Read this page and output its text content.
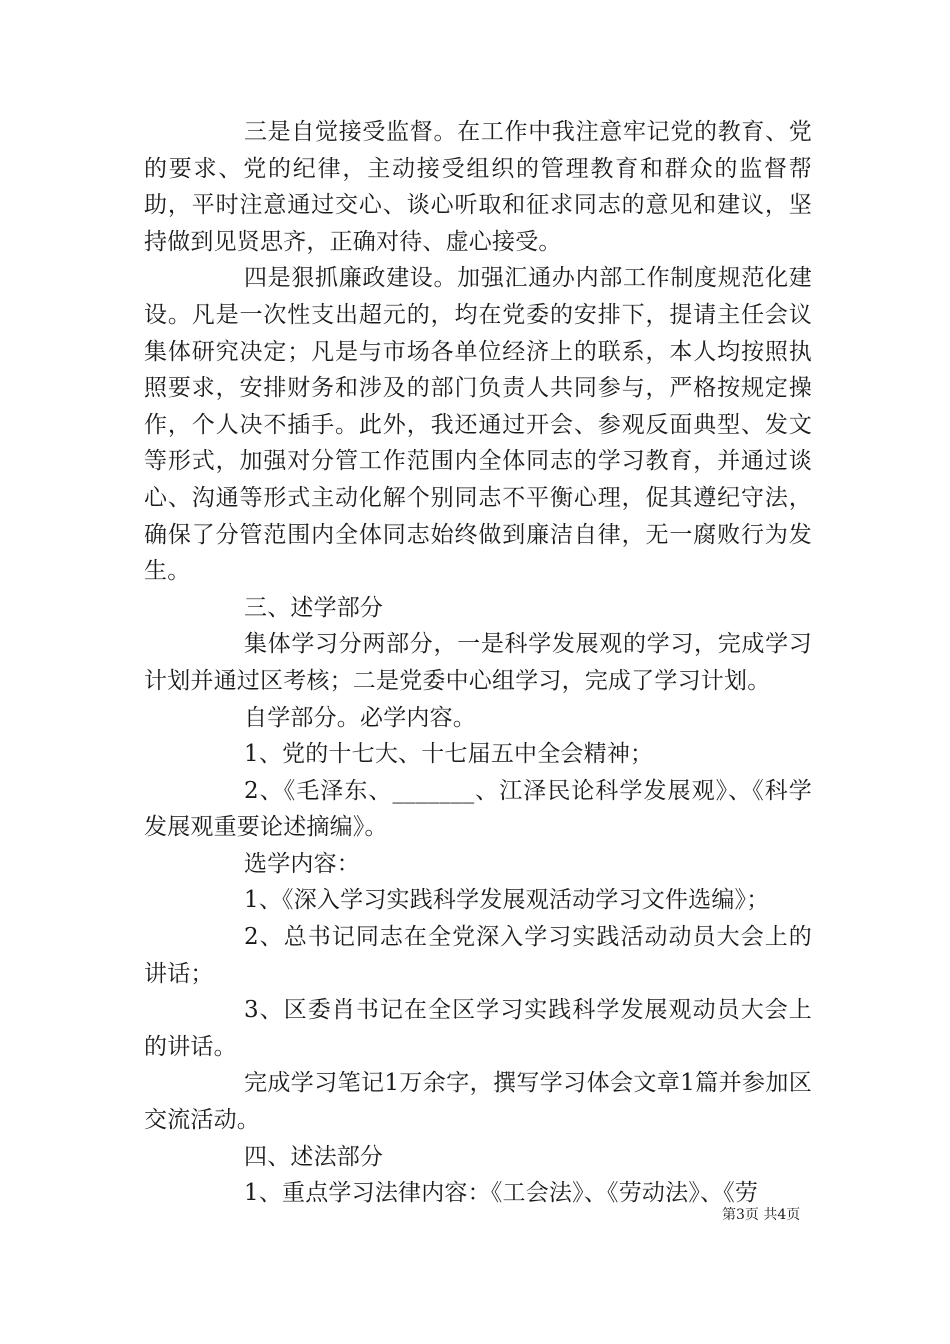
三是自觉接受监督。在工作中我注意牢记党的教育、党的要求、党的纪律，主动接受组织的管理教育和群众的监督帮助，平时注意通过交心、谈心听取和征求同志的意见和建议，坚持做到见贤思齐，正确对待、虚心接受。

四是狠抓廉政建设。加强汇通办内部工作制度规范化建设。凡是一次性支出超元的，均在党委的安排下，提请主任会议集体研究决定；凡是与市场各单位经济上的联系，本人均按照执照要求，安排财务和涉及的部门负责人共同参与，严格按规定操作，个人决不插手。此外，我还通过开会、参观反面典型、发文等形式，加强对分管工作范围内全体同志的学习教育，并通过谈心、沟通等形式主动化解个别同志不平衡心理，促其遵纪守法，确保了分管范围内全体同志始终做到廉洁自律，无一腐败行为发生。

三、述学部分

集体学习分两部分，一是科学发展观的学习，完成学习计划并通过区考核；二是党委中心组学习，完成了学习计划。

自学部分。必学内容。

1、党的十七大、十七届五中全会精神；

2、《毛泽东、_______、江泽民论科学发展观》、《科学发展观重要论述摘编》。

选学内容：

1、《深入学习实践科学发展观活动学习文件选编》；

2、总书记同志在全党深入学习实践活动动员大会上的讲话；

3、区委肖书记在全区学习实践科学发展观动员大会上的讲话。

完成学习笔记1万余字，撰写学习体会文章1篇并参加区交流活动。

四、述法部分

1、重点学习法律内容：《工会法》、《劳动法》、《劳

第3页 共4页
